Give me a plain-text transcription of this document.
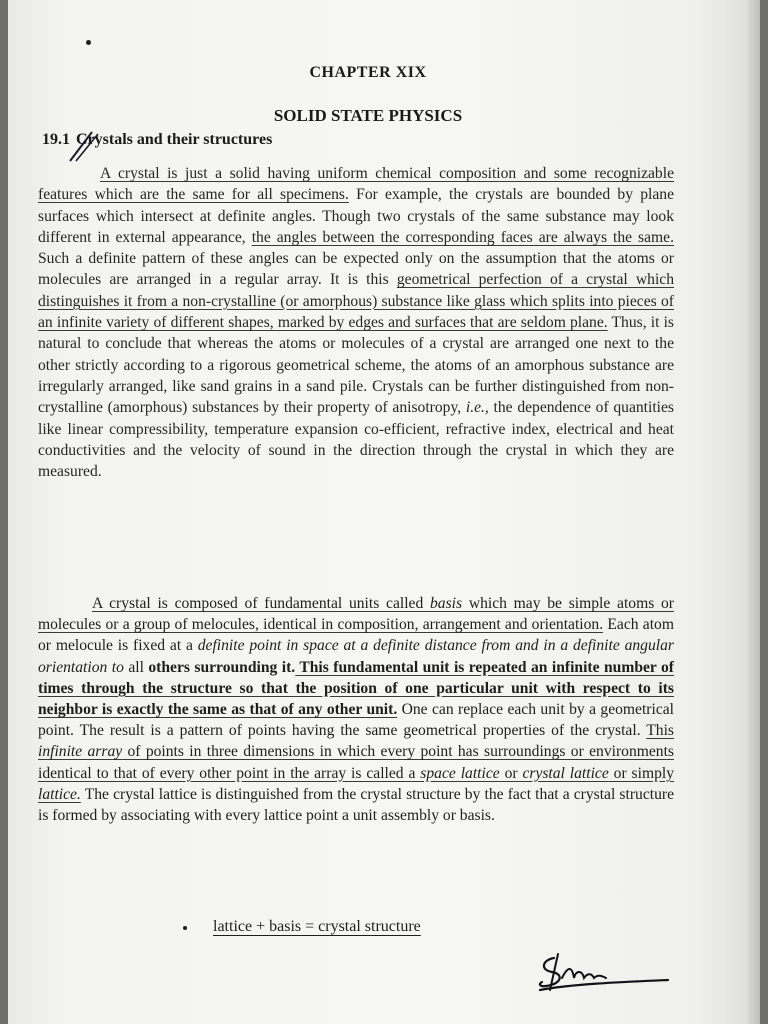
CHAPTER XIX
SOLID STATE PHYSICS
19.1 Crystals and their structures
A crystal is just a solid having uniform chemical composition and some recognizable features which are the same for all specimens. For example, the crystals are bounded by plane surfaces which intersect at definite angles. Though two crystals of the same substance may look different in external appearance, the angles between the corresponding faces are always the same. Such a definite pattern of these angles can be expected only on the assumption that the atoms or molecules are arranged in a regular array. It is this geometrical perfection of a crystal which distinguishes it from a non-crystalline (or amorphous) substance like glass which splits into pieces of an infinite variety of different shapes, marked by edges and surfaces that are seldom plane. Thus, it is natural to conclude that whereas the atoms or molecules of a crystal are arranged one next to the other strictly according to a rigorous geometrical scheme, the atoms of an amorphous substance are irregularly arranged, like sand grains in a sand pile. Crystals can be further distinguished from non-crystalline (amorphous) substances by their property of anisotropy, i.e., the dependence of quantities like linear compressibility, temperature expansion co-efficient, refractive index, electrical and heat conductivities and the velocity of sound in the direction through the crystal in which they are measured.
A crystal is composed of fundamental units called basis which may be simple atoms or molecules or a group of melocules, identical in composition, arrangement and orientation. Each atom or melocule is fixed at a definite point in space at a definite distance from and in a definite angular orientation to all others surrounding it. This fundamental unit is repeated an infinite number of times through the structure so that the position of one particular unit with respect to its neighbor is exactly the same as that of any other unit. One can replace each unit by a geometrical point. The result is a pattern of points having the same geometrical properties of the crystal. This infinite array of points in three dimensions in which every point has surroundings or environments identical to that of every other point in the array is called a space lattice or crystal lattice or simply lattice. The crystal lattice is distinguished from the crystal structure by the fact that a crystal structure is formed by associating with every lattice point a unit assembly or basis.
lattice + basis = crystal structure
